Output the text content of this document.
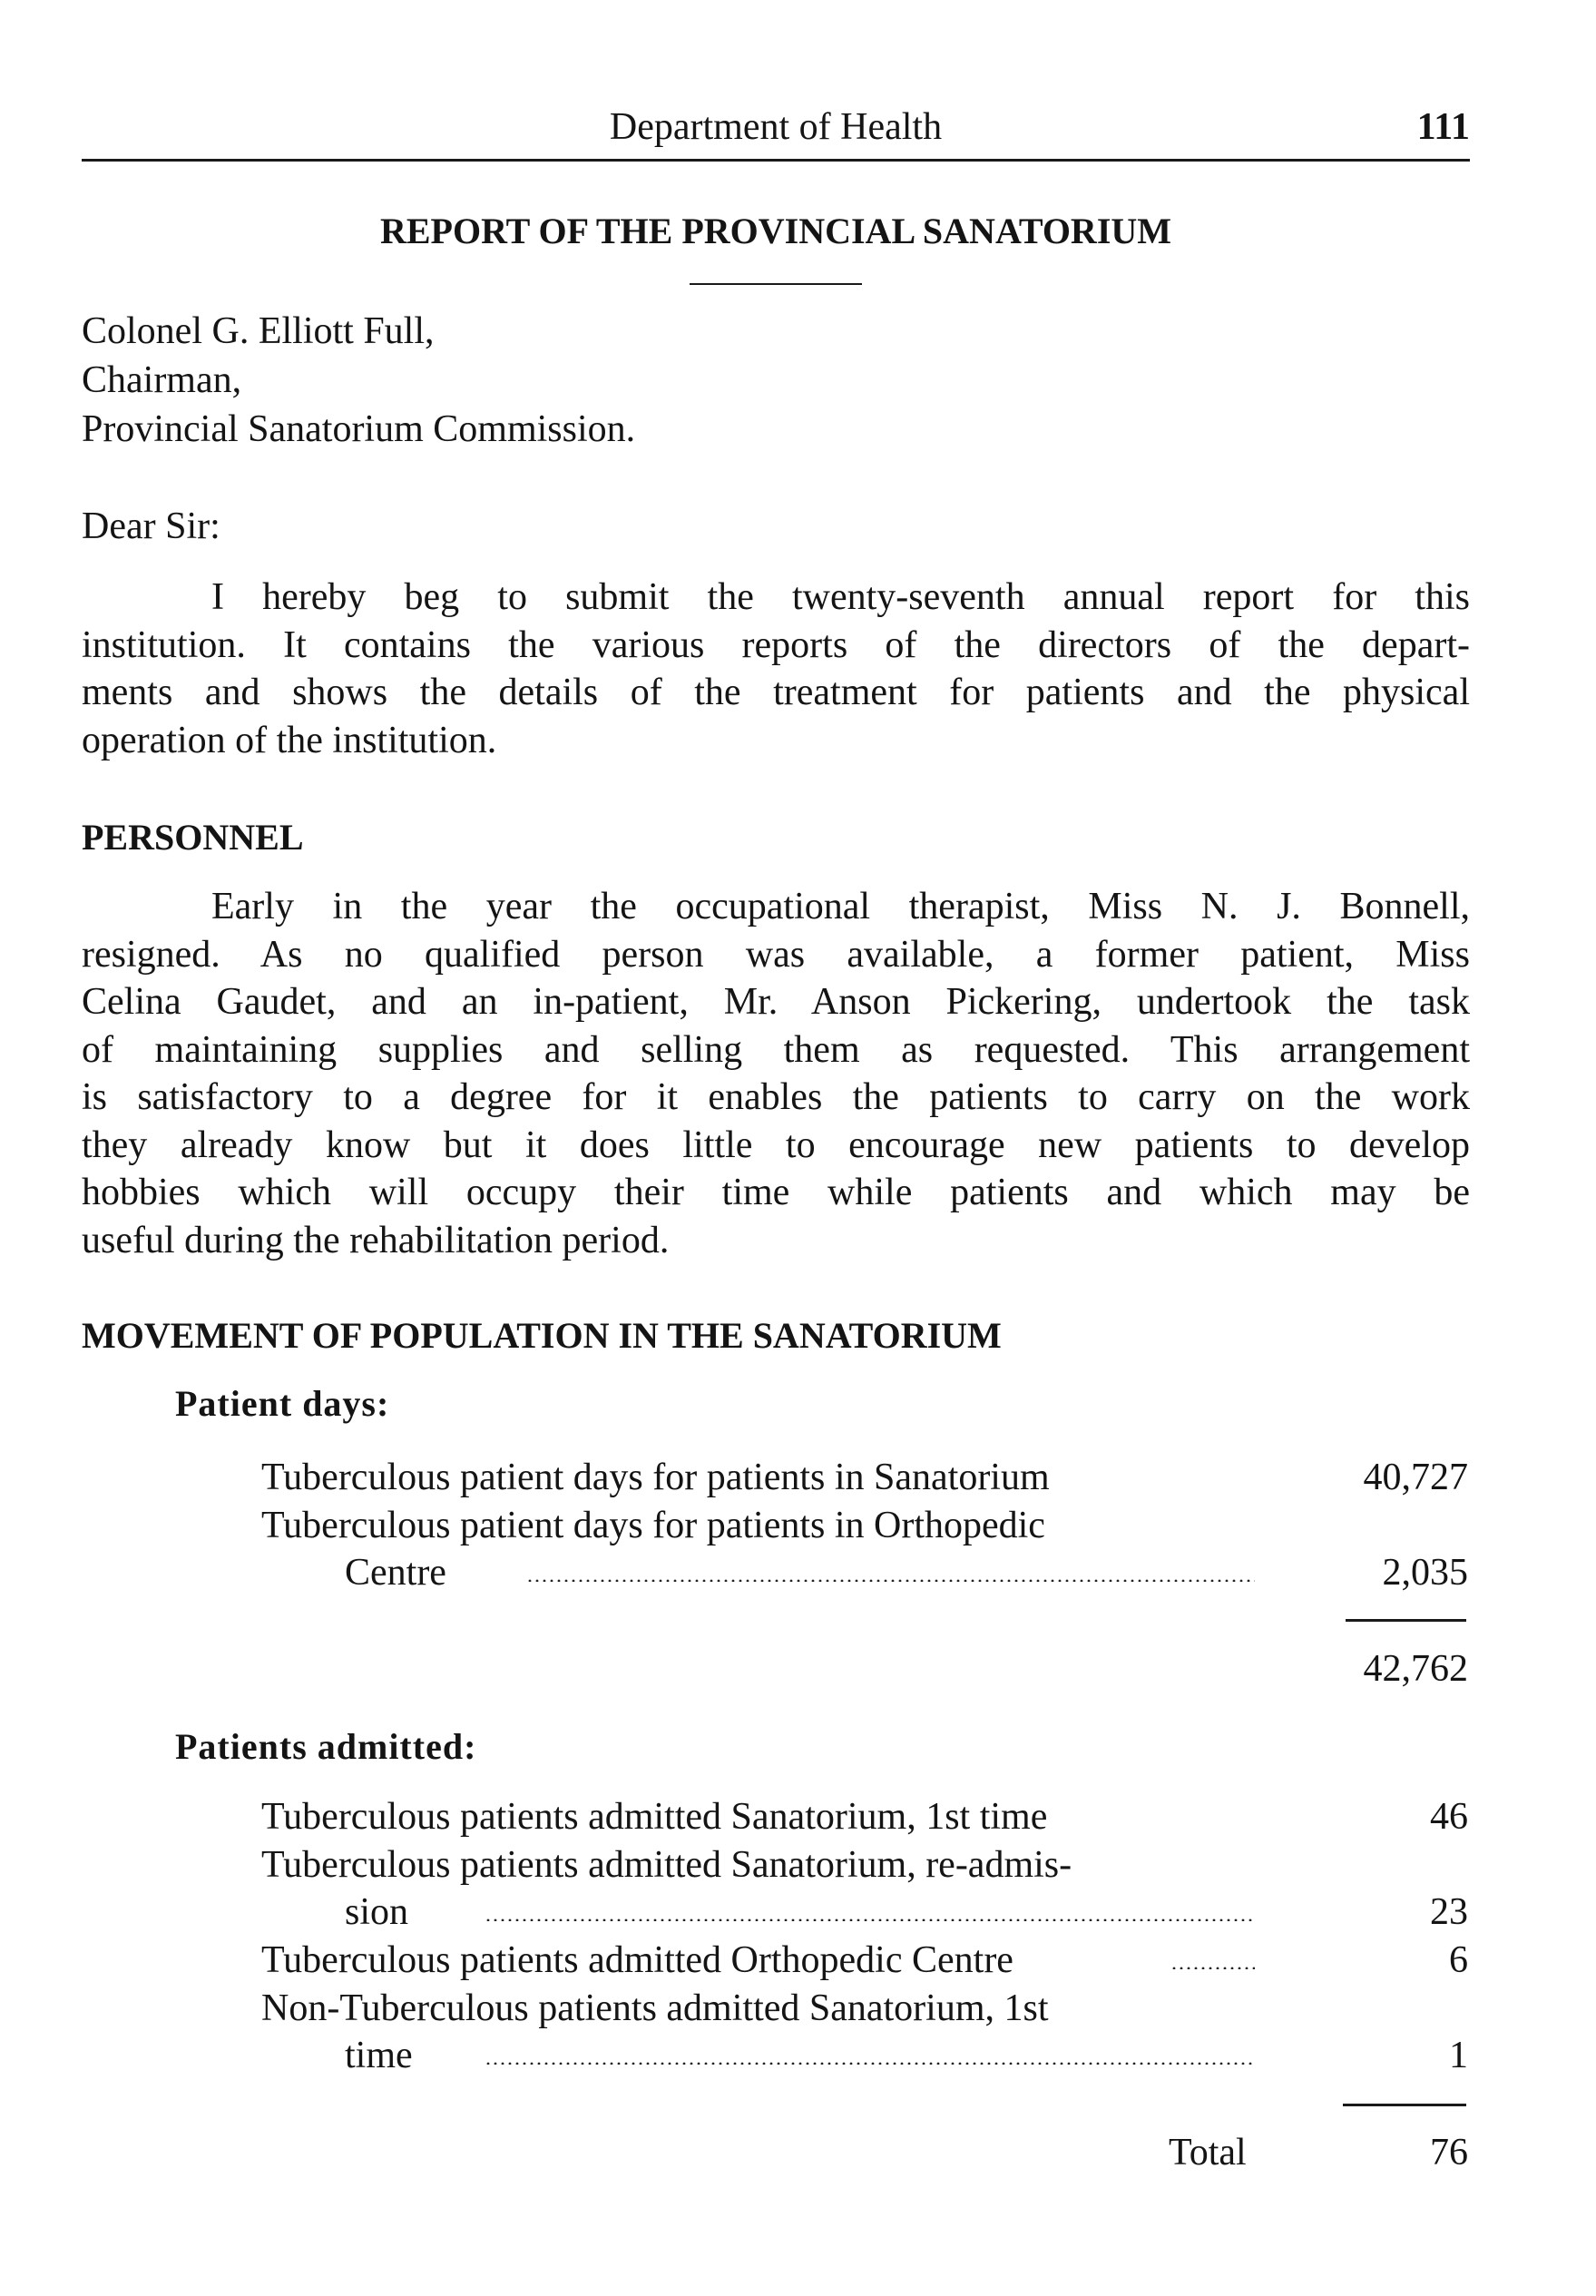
Department of Health	111
REPORT OF THE PROVINCIAL SANATORIUM
Colonel G. Elliott Full,
Chairman,
Provincial Sanatorium Commission.
Dear Sir:
I hereby beg to submit the twenty-seventh annual report for this
institution. It contains the various reports of the directors of the depart-
ments and shows the details of the treatment for patients and the physical
operation of the institution.
PERSONNEL
Early in the year the occupational therapist, Miss N. J. Bonnell,
resigned. As no qualified person was available, a former patient, Miss
Celina Gaudet, and an in-patient, Mr. Anson Pickering, undertook the task
of maintaining supplies and selling them as requested. This arrangement
is satisfactory to a degree for it enables the patients to carry on the work
they already know but it does little to encourage new patients to develop
hobbies which will occupy their time while patients and which may be
useful during the rehabilitation period.
MOVEMENT OF POPULATION IN THE SANATORIUM
Patient days:
Tuberculous patient days for patients in Sanatorium	40,727
Tuberculous patient days for patients in Orthopedic
Centre	2,035
42,762
Patients admitted:
Tuberculous patients admitted Sanatorium, 1st time	46
Tuberculous patients admitted Sanatorium, re-admis-
sion	23
Tuberculous patients admitted Orthopedic Centre	6
Non-Tuberculous patients admitted Sanatorium, 1st
time	1
Total	76
